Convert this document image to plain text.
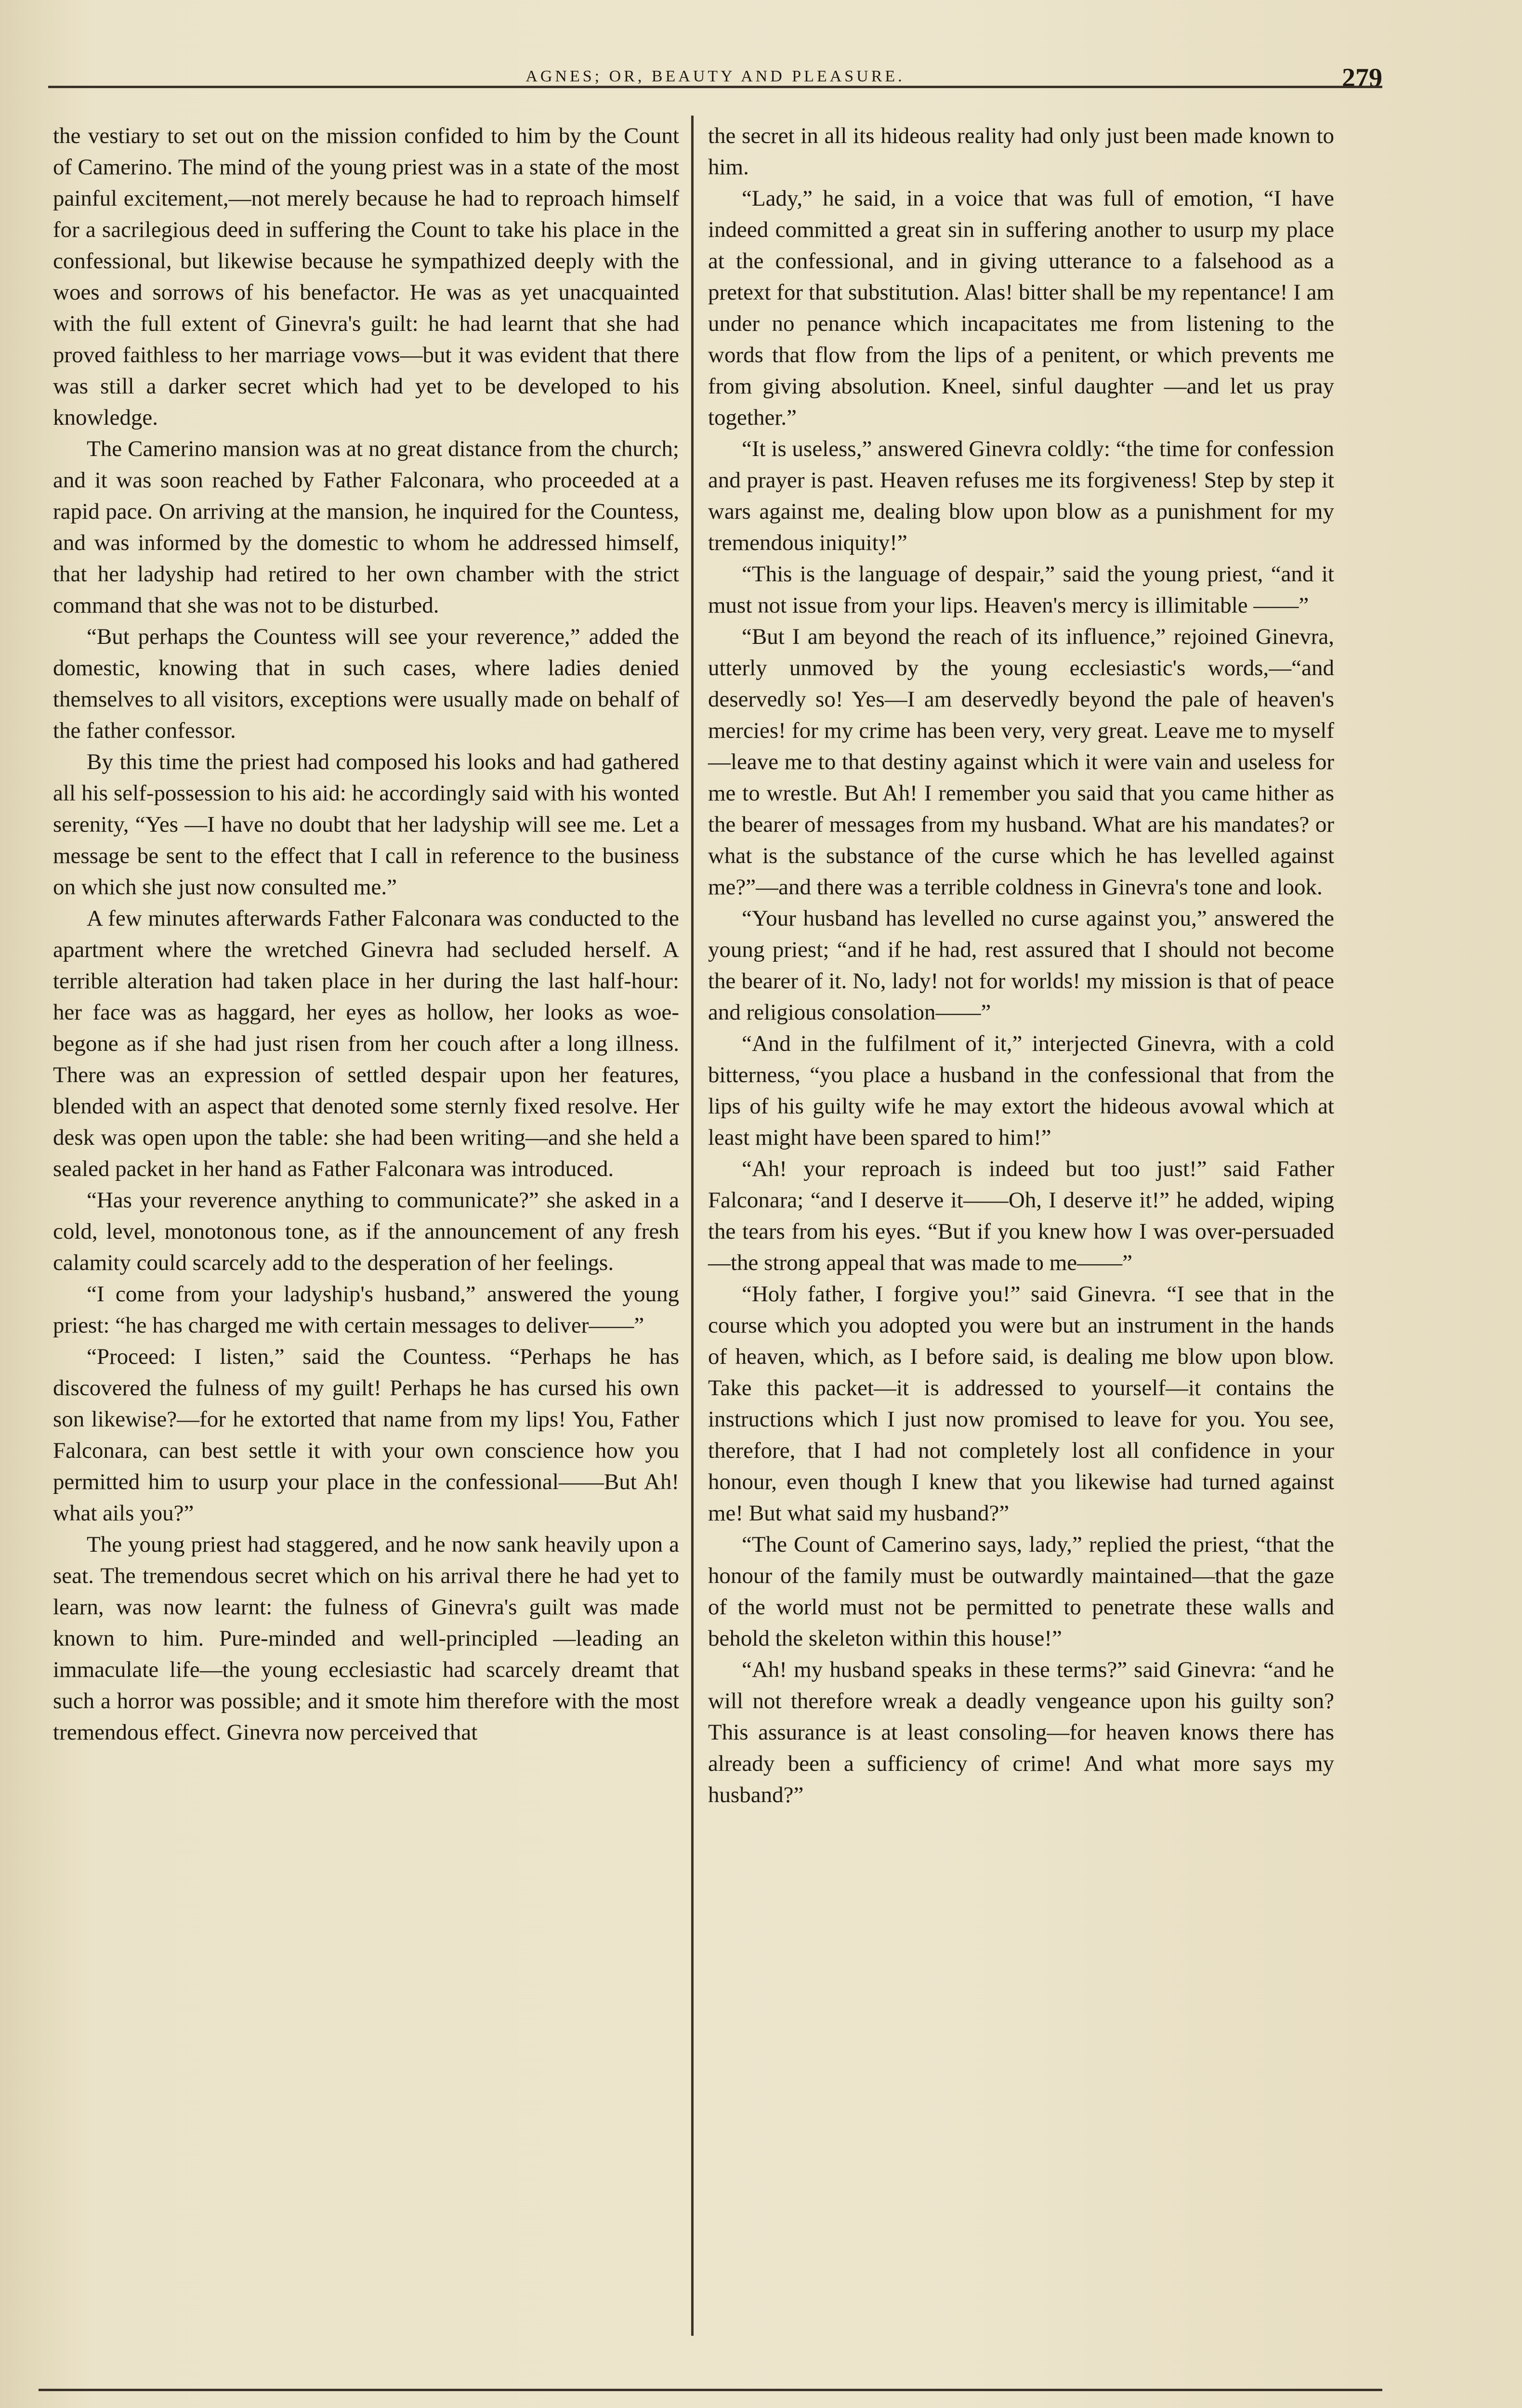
AGNES; OR, BEAUTY AND PLEASURE.	279

the vestiary to set out on the mission confided to him by the Count of Camerino. The mind of the young priest was in a state of the most painful excitement,—not merely because he had to reproach himself for a sacrilegious deed in suffering the Count to take his place in the confessional, but likewise because he sympathized deeply with the woes and sorrows of his benefactor. He was as yet unacquainted with the full extent of Ginevra's guilt: he had learnt that she had proved faithless to her marriage vows—but it was evident that there was still a darker secret which had yet to be developed to his knowledge.

The Camerino mansion was at no great distance from the church; and it was soon reached by Father Falconara, who proceeded at a rapid pace. On arriving at the mansion, he inquired for the Countess, and was informed by the domestic to whom he addressed himself, that her ladyship had retired to her own chamber with the strict command that she was not to be disturbed.

“But perhaps the Countess will see your reverence,” added the domestic, knowing that in such cases, where ladies denied themselves to all visitors, exceptions were usually made on behalf of the father confessor.

By this time the priest had composed his looks and had gathered all his self-possession to his aid: he accordingly said with his wonted serenity, “Yes —I have no doubt that her ladyship will see me. Let a message be sent to the effect that I call in reference to the business on which she just now consulted me.”

A few minutes afterwards Father Falconara was conducted to the apartment where the wretched Ginevra had secluded herself. A terrible alteration had taken place in her during the last half-hour: her face was as haggard, her eyes as hollow, her looks as woe-begone as if she had just risen from her couch after a long illness. There was an expression of settled despair upon her features, blended with an aspect that denoted some sternly fixed resolve. Her desk was open upon the table: she had been writing—and she held a sealed packet in her hand as Father Falconara was introduced.

“Has your reverence anything to communicate?” she asked in a cold, level, monotonous tone, as if the announcement of any fresh calamity could scarcely add to the desperation of her feelings.

“I come from your ladyship's husband,” answered the young priest: “he has charged me with certain messages to deliver——”

“Proceed: I listen,” said the Countess. “Perhaps he has discovered the fulness of my guilt! Perhaps he has cursed his own son likewise?—for he extorted that name from my lips! You, Father Falconara, can best settle it with your own conscience how you permitted him to usurp your place in the confessional——But Ah! what ails you?”

The young priest had staggered, and he now sank heavily upon a seat. The tremendous secret which on his arrival there he had yet to learn, was now learnt: the fulness of Ginevra's guilt was made known to him. Pure-minded and well-principled —leading an immaculate life—the young ecclesiastic had scarcely dreamt that such a horror was possible; and it smote him therefore with the most tremendous effect. Ginevra now perceived that

the secret in all its hideous reality had only just been made known to him.

“Lady,” he said, in a voice that was full of emotion, “I have indeed committed a great sin in suffering another to usurp my place at the confessional, and in giving utterance to a falsehood as a pretext for that substitution. Alas! bitter shall be my repentance! I am under no penance which incapacitates me from listening to the words that flow from the lips of a penitent, or which prevents me from giving absolution. Kneel, sinful daughter —and let us pray together.”

“It is useless,” answered Ginevra coldly: “the time for confession and prayer is past. Heaven refuses me its forgiveness! Step by step it wars against me, dealing blow upon blow as a punishment for my tremendous iniquity!”

“This is the language of despair,” said the young priest, “and it must not issue from your lips. Heaven's mercy is illimitable ——”

“But I am beyond the reach of its influence,” rejoined Ginevra, utterly unmoved by the young ecclesiastic's words,—“and deservedly so! Yes—I am deservedly beyond the pale of heaven's mercies! for my crime has been very, very great. Leave me to myself—leave me to that destiny against which it were vain and useless for me to wrestle. But Ah! I remember you said that you came hither as the bearer of messages from my husband. What are his mandates? or what is the substance of the curse which he has levelled against me?”—and there was a terrible coldness in Ginevra's tone and look.

“Your husband has levelled no curse against you,” answered the young priest; “and if he had, rest assured that I should not become the bearer of it. No, lady! not for worlds! my mission is that of peace and religious consolation——”

“And in the fulfilment of it,” interjected Ginevra, with a cold bitterness, “you place a husband in the confessional that from the lips of his guilty wife he may extort the hideous avowal which at least might have been spared to him!”

“Ah! your reproach is indeed but too just!” said Father Falconara; “and I deserve it——Oh, I deserve it!” he added, wiping the tears from his eyes. “But if you knew how I was over-persuaded—the strong appeal that was made to me——”

“Holy father, I forgive you!” said Ginevra. “I see that in the course which you adopted you were but an instrument in the hands of heaven, which, as I before said, is dealing me blow upon blow. Take this packet—it is addressed to yourself—it contains the instructions which I just now promised to leave for you. You see, therefore, that I had not completely lost all confidence in your honour, even though I knew that you likewise had turned against me! But what said my husband?”

“The Count of Camerino says, lady,” replied the priest, “that the honour of the family must be outwardly maintained—that the gaze of the world must not be permitted to penetrate these walls and behold the skeleton within this house!”

“Ah! my husband speaks in these terms?” said Ginevra: “and he will not therefore wreak a deadly vengeance upon his guilty son? This assurance is at least consoling—for heaven knows there has already been a sufficiency of crime! And what more says my husband?”
